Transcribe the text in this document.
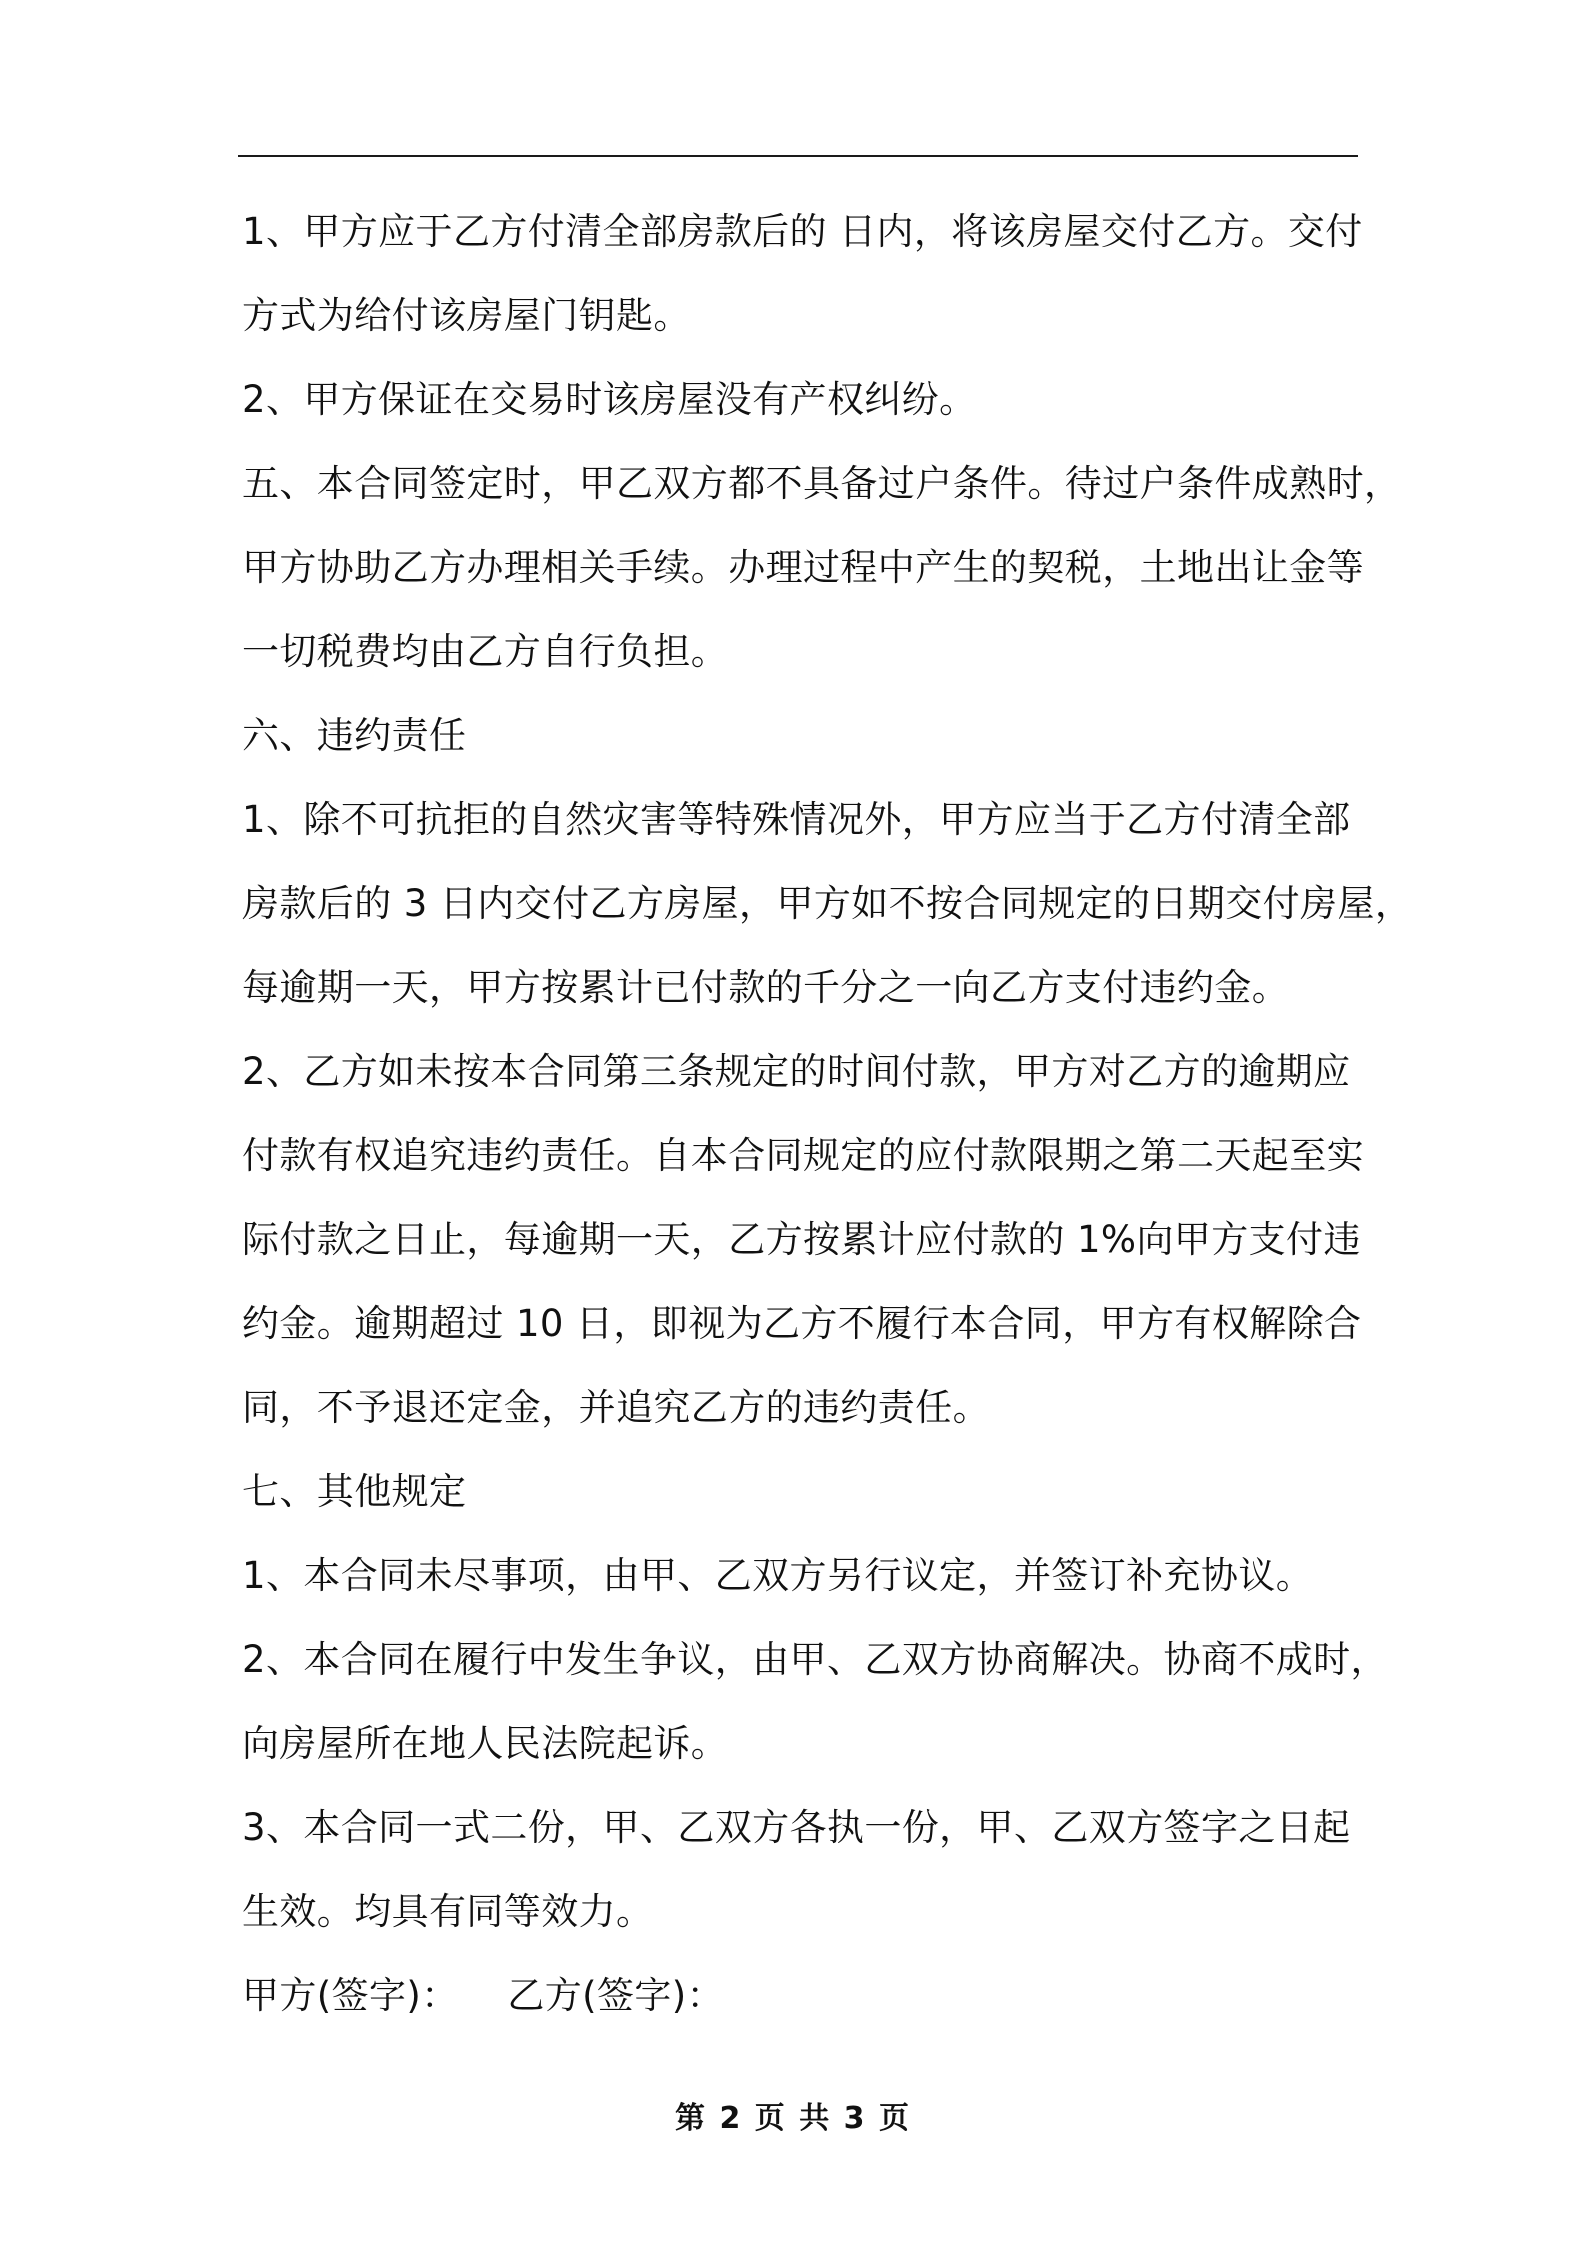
1、甲方应于乙方付清全部房款后的 日内，将该房屋交付乙方。交付
方式为给付该房屋门钥匙。
2、甲方保证在交易时该房屋没有产权纠纷。
五、本合同签定时，甲乙双方都不具备过户条件。待过户条件成熟时，
甲方协助乙方办理相关手续。办理过程中产生的契税，土地出让金等
一切税费均由乙方自行负担。
六、违约责任
1、除不可抗拒的自然灾害等特殊情况外，甲方应当于乙方付清全部
房款后的 3 日内交付乙方房屋，甲方如不按合同规定的日期交付房屋，
每逾期一天，甲方按累计已付款的千分之一向乙方支付违约金。
2、乙方如未按本合同第三条规定的时间付款，甲方对乙方的逾期应
付款有权追究违约责任。自本合同规定的应付款限期之第二天起至实
际付款之日止，每逾期一天，乙方按累计应付款的 1%向甲方支付违
约金。逾期超过 10 日，即视为乙方不履行本合同，甲方有权解除合
同，不予退还定金，并追究乙方的违约责任。
七、其他规定
1、本合同未尽事项，由甲、乙双方另行议定，并签订补充协议。
2、本合同在履行中发生争议，由甲、乙双方协商解决。协商不成时，
向房屋所在地人民法院起诉。
3、本合同一式二份，甲、乙双方各执一份，甲、乙双方签字之日起
生效。均具有同等效力。
甲方(签字)：    乙方(签字)：
第 2 页 共 3 页
